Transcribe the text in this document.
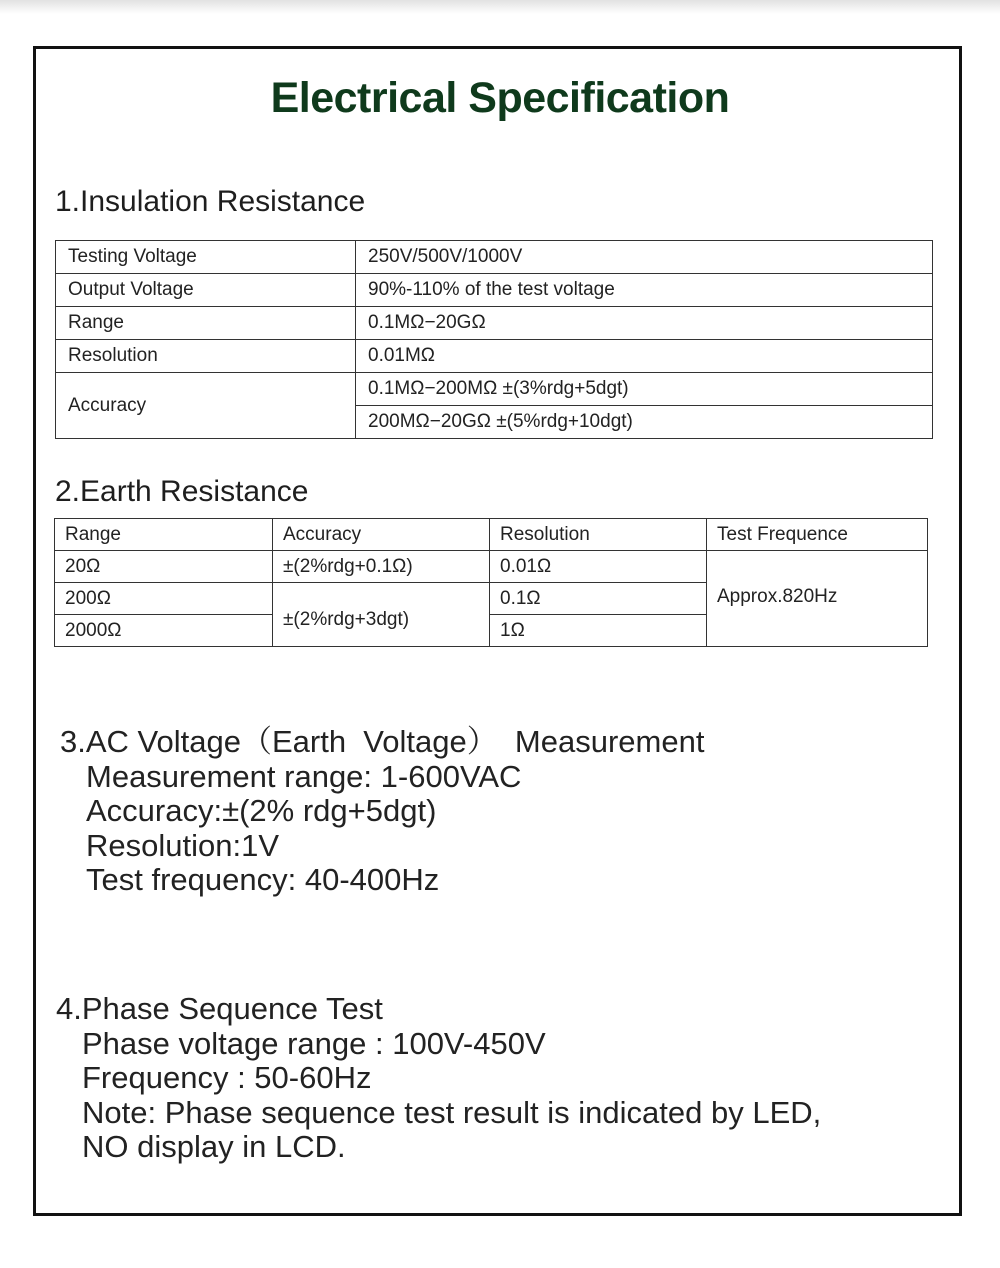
Electrical Specification
1.Insulation Resistance
Testing Voltage	250V/500V/1000V
Output Voltage	90%-110% of the test voltage
Range	0.1MΩ−20GΩ
Resolution	0.01MΩ
Accuracy	0.1MΩ−200MΩ ±(3%rdg+5dgt)
	200MΩ−20GΩ ±(5%rdg+10dgt)
2.Earth Resistance
Range	Accuracy	Resolution	Test Frequence
20Ω	±(2%rdg+0.1Ω)	0.01Ω	Approx.820Hz
200Ω	±(2%rdg+3dgt)	0.1Ω	
2000Ω		1Ω	
3.AC Voltage（Earth  Voltage）  Measurement
Measurement range: 1-600VAC
Accuracy:±(2% rdg+5dgt)
Resolution:1V
Test frequency: 40-400Hz
4.Phase Sequence Test
Phase voltage range : 100V-450V
Frequency : 50-60Hz
Note: Phase sequence test result is indicated by LED,
NO display in LCD.
